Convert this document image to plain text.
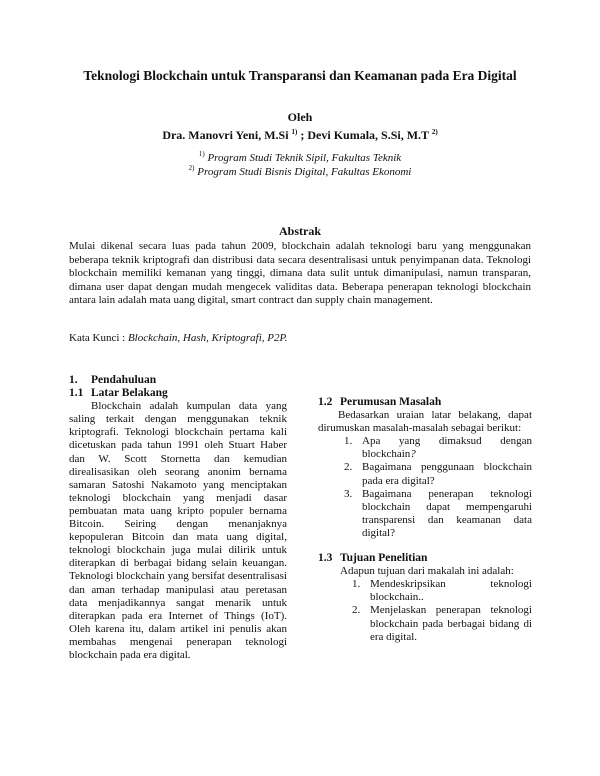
Teknologi Blockchain untuk Transparansi dan Keamanan pada Era Digital
Oleh
Dra. Manovri Yeni, M.Si $^{1)}$ ; Devi Kumala, S.Si, M.T $^{2)}$
$^{1)}$ Program Studi Teknik Sipil, Fakultas Teknik
$^{2)}$ Program Studi Bisnis Digital, Fakultas Ekonomi
Abstrak
Mulai dikenal secara luas pada tahun 2009, blockchain adalah teknologi baru yang menggunakan beberapa teknik kriptografi dan distribusi data secara desentralisasi untuk penyimpanan data. Teknologi blockchain memiliki kemanan yang tinggi, dimana data sulit untuk dimanipulasi, namun transparan, dimana user dapat dengan mudah mengecek validitas data. Beberapa penerapan teknologi blockchain antara lain adalah mata uang digital, smart contract dan supply chain management.
Kata Kunci : Blockchain, Hash, Kriptografi, P2P.
1.	Pendahuluan
1.1 Latar Belakang
Blockchain adalah kumpulan data yang saling terkait dengan menggunakan teknik kriptografi. Teknologi blockchain pertama kali dicetuskan pada tahun 1991 oleh Stuart Haber dan W. Scott Stornetta dan kemudian direalisasikan oleh seorang anonim bernama samaran Satoshi Nakamoto yang menciptakan teknologi blockchain yang menjadi dasar pembuatan mata uang kripto populer bernama Bitcoin. Seiring dengan menanjaknya kepopuleran Bitcoin dan mata uang digital, teknologi blockchain juga mulai dilirik untuk diterapkan di berbagai bidang selain keuangan. Teknologi blockchain yang bersifat desentralisasi dan aman terhadap manipulasi atau peretasan data menjadikannya sangat menarik untuk diterapkan pada era Internet of Things (IoT). Oleh karena itu, dalam artikel ini penulis akan membahas mengenai penerapan teknologi blockchain pada era digital.
1.2 Perumusan Masalah
Bedasarkan uraian latar belakang, dapat dirumuskan masalah-masalah sebagai berikut:
1. Apa yang dimaksud dengan blockchain?
2. Bagaimana penggunaan blockchain pada era digital?
3. Bagaimana penerapan teknologi blockchain dapat mempengaruhi transparensi dan keamanan data digital?
1.3 Tujuan Penelitian
Adapun tujuan dari makalah ini adalah:
1. Mendeskripsikan teknologi blockchain..
2. Menjelaskan penerapan teknologi blockchain pada berbagai bidang di era digital.
